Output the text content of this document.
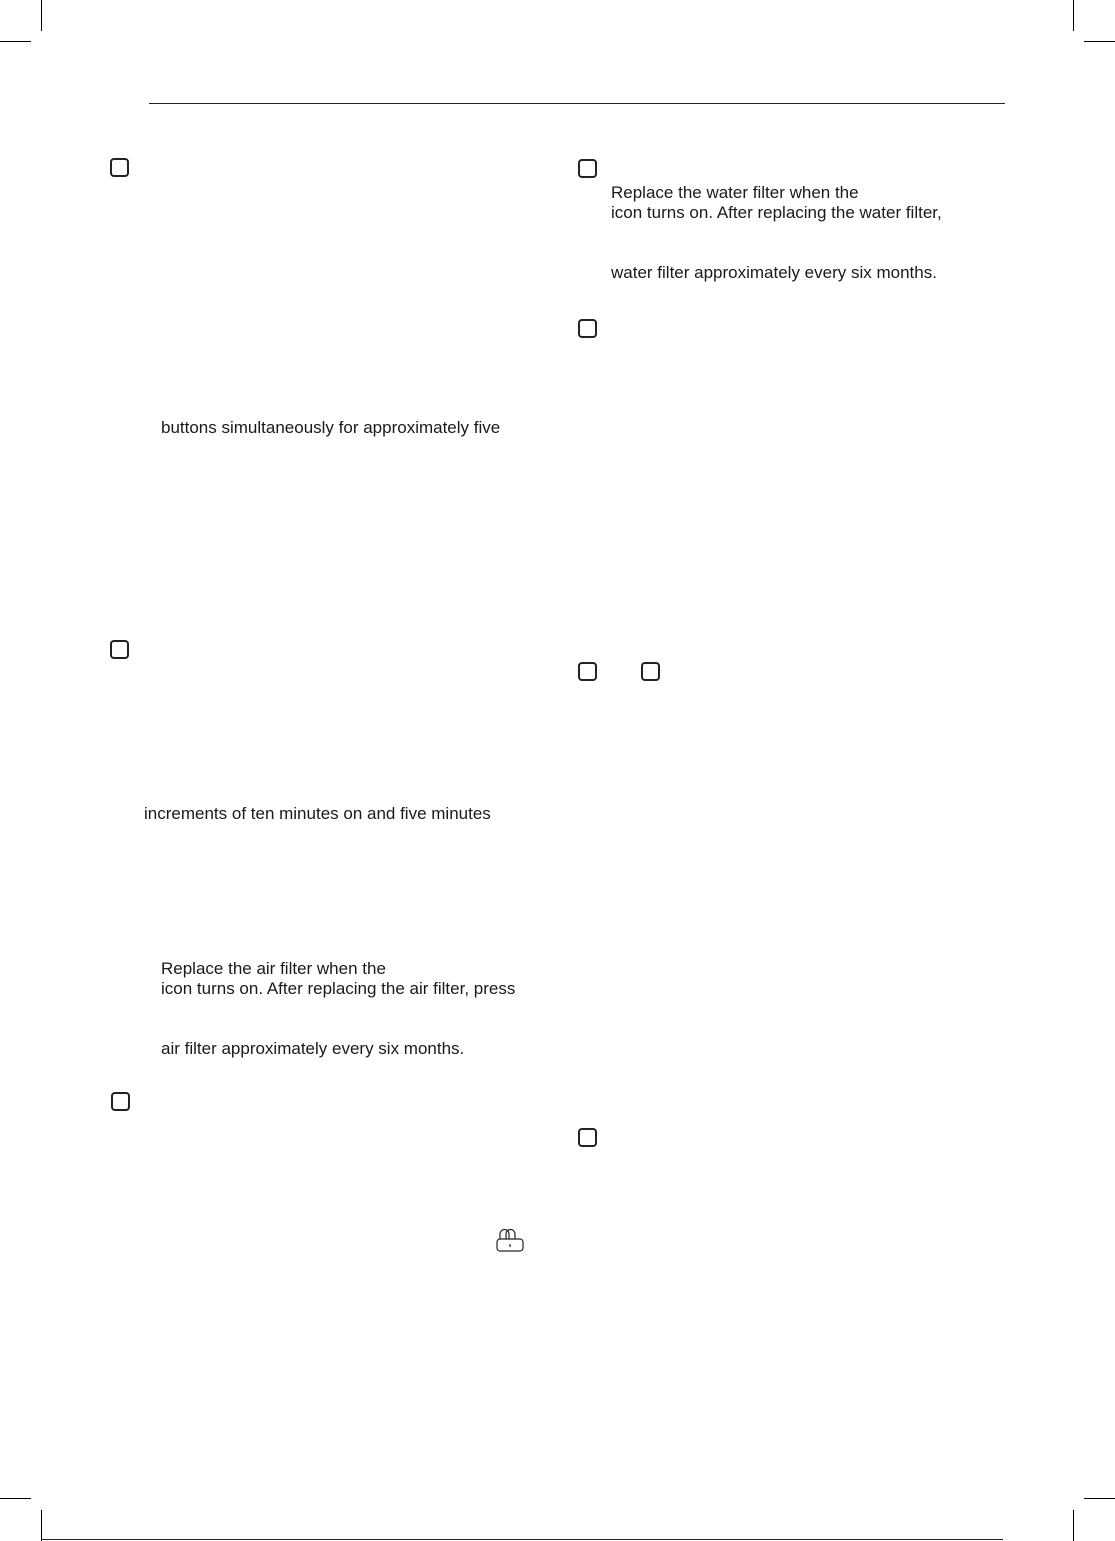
buttons simultaneously for approximately five
increments of ten minutes on and five minutes
Replace the air filter when the
icon turns on. After replacing the air filter, press
air filter approximately every six months.
Replace the water filter when the
icon turns on. After replacing the water filter,
water filter approximately every six months.
